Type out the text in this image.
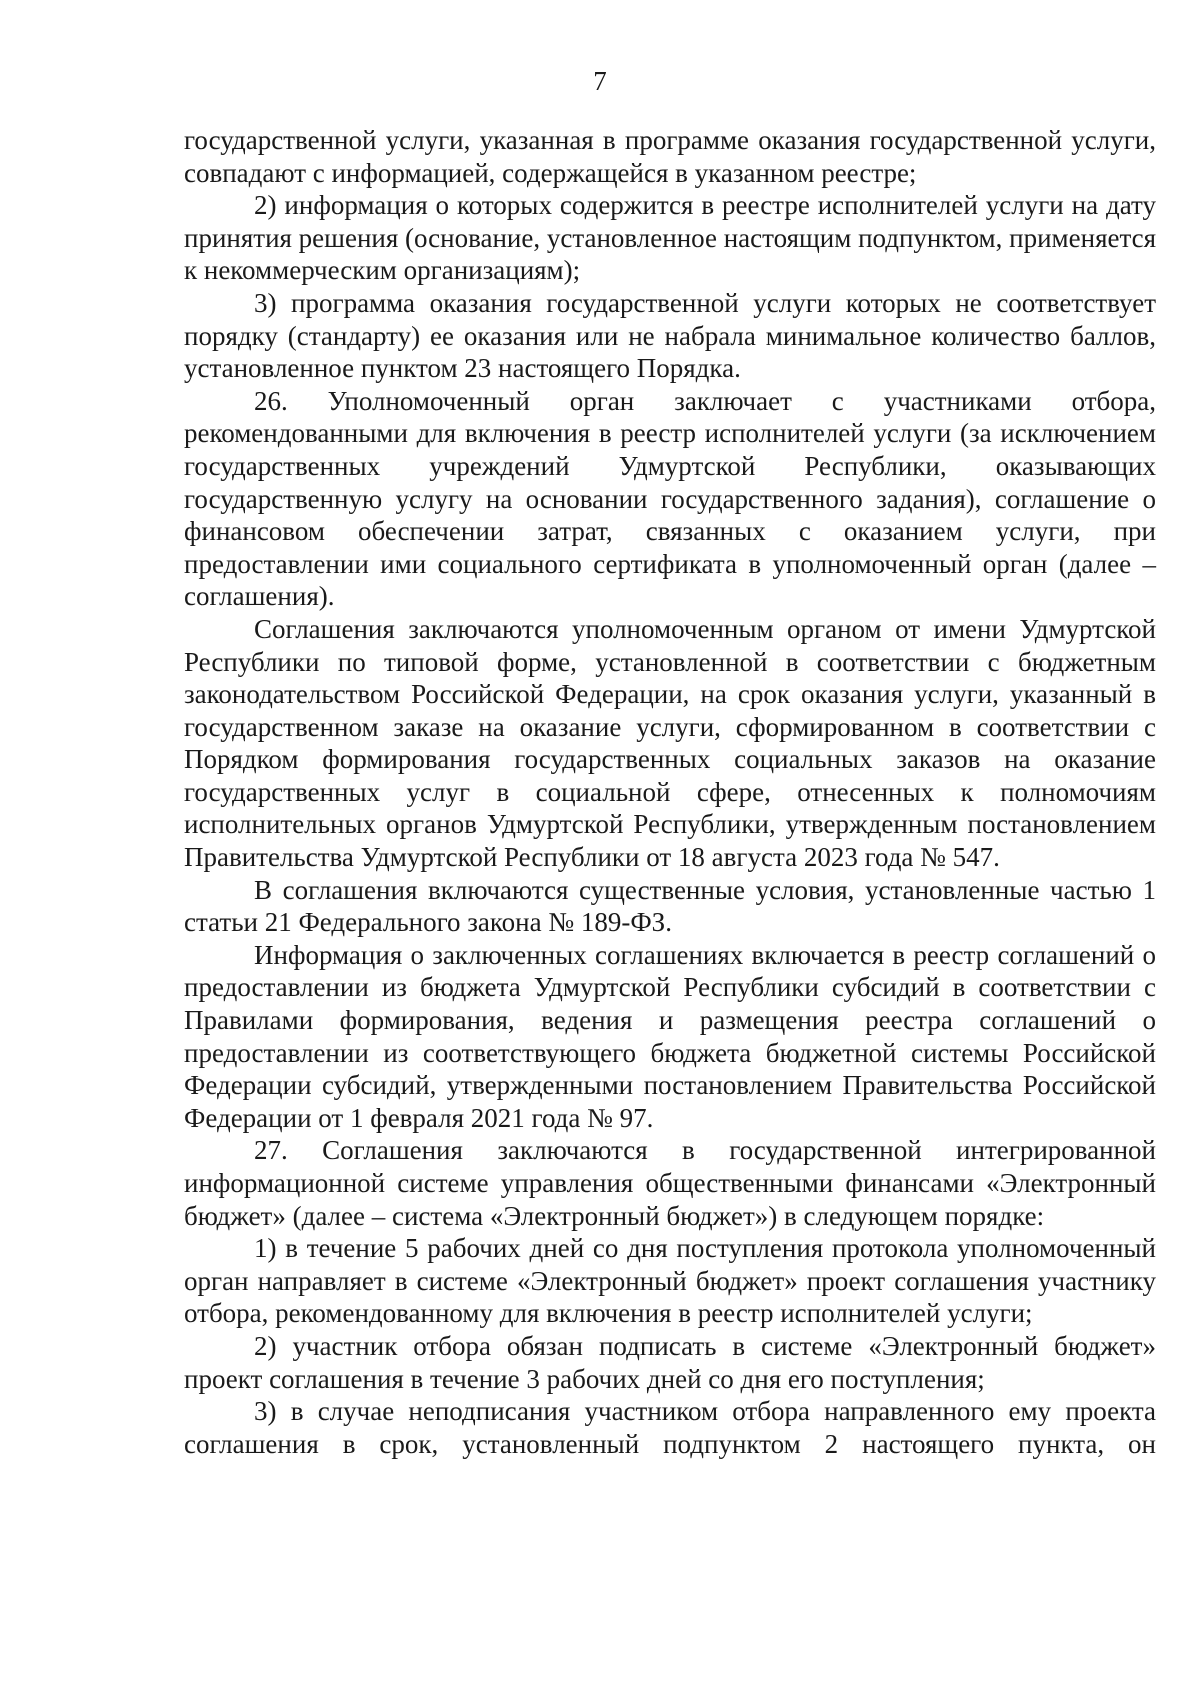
7

государственной услуги, указанная в программе оказания государственной услуги, совпадают с информацией, содержащейся в указанном реестре;

2) информация о которых содержится в реестре исполнителей услуги на дату принятия решения (основание, установленное настоящим подпунктом, применяется к некоммерческим организациям);

3) программа оказания государственной услуги которых не соответствует порядку (стандарту) ее оказания или не набрала минимальное количество баллов, установленное пунктом 23 настоящего Порядка.

26. Уполномоченный орган заключает с участниками отбора, рекомендованными для включения в реестр исполнителей услуги (за исключением государственных учреждений Удмуртской Республики, оказывающих государственную услугу на основании государственного задания), соглашение о финансовом обеспечении затрат, связанных с оказанием услуги, при предоставлении ими социального сертификата в уполномоченный орган (далее – соглашения).

Соглашения заключаются уполномоченным органом от имени Удмуртской Республики по типовой форме, установленной в соответствии с бюджетным законодательством Российской Федерации, на срок оказания услуги, указанный в государственном заказе на оказание услуги, сформированном в соответствии с Порядком формирования государственных социальных заказов на оказание государственных услуг в социальной сфере, отнесенных к полномочиям исполнительных органов Удмуртской Республики, утвержденным постановлением Правительства Удмуртской Республики от 18 августа 2023 года № 547.

В соглашения включаются существенные условия, установленные частью 1 статьи 21 Федерального закона № 189-ФЗ.

Информация о заключенных соглашениях включается в реестр соглашений о предоставлении из бюджета Удмуртской Республики субсидий в соответствии с Правилами формирования, ведения и размещения реестра соглашений о предоставлении из соответствующего бюджета бюджетной системы Российской Федерации субсидий, утвержденными постановлением Правительства Российской Федерации от 1 февраля 2021 года № 97.

27. Соглашения заключаются в государственной интегрированной информационной системе управления общественными финансами «Электронный бюджет» (далее – система «Электронный бюджет») в следующем порядке:

1) в течение 5 рабочих дней со дня поступления протокола уполномоченный орган направляет в системе «Электронный бюджет» проект соглашения участнику отбора, рекомендованному для включения в реестр исполнителей услуги;

2) участник отбора обязан подписать в системе «Электронный бюджет» проект соглашения в течение 3 рабочих дней со дня его поступления;

3) в случае неподписания участником отбора направленного ему проекта соглашения в срок, установленный подпунктом 2 настоящего пункта, он
